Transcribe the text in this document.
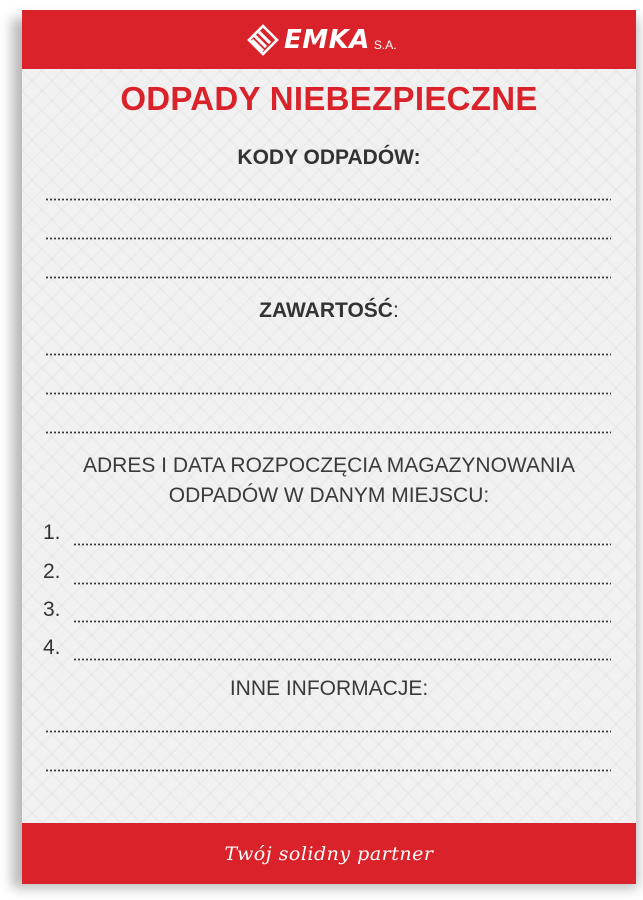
EMKA S.A.
ODPADY NIEBEZPIECZNE
KODY ODPADÓW:
ZAWARTOŚĆ:
ADRES I DATA ROZPOCZĘCIA MAGAZYNOWANIA
ODPADÓW W DANYM MIEJSCU:
1.
2.
3.
4.
INNE INFORMACJE:
Twój solidny partner
